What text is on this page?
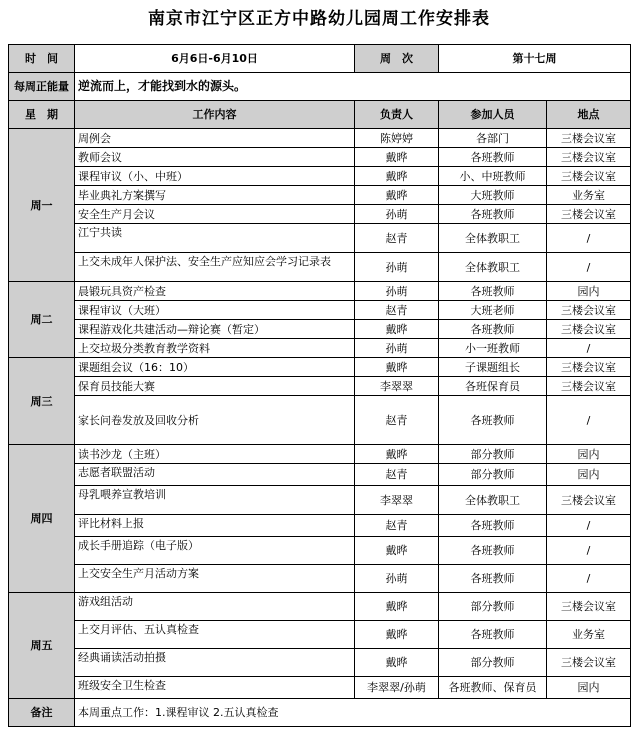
南京市江宁区正方中路幼儿园周工作安排表
时　间	6月6日-6月10日	周　次	第十七周	
每周正能量	逆流而上，才能找到水的源头。			
星　期	工作内容	负责人	参加人员	地点
周一	周例会	陈婷婷	各部门	三楼会议室
	教师会议	戴晔	各班教师	三楼会议室
	课程审议（小、中班）	戴晔	小、中班教师	三楼会议室
	毕业典礼方案撰写	戴晔	大班教师	业务室
	安全生产月会议	孙萌	各班教师	三楼会议室
	江宁共读	赵青	全体教职工	/
	上交未成年人保护法、安全生产应知应会学习记录表	孙萌	全体教职工	/
周二	晨锻玩具资产检查	孙萌	各班教师	园内
	课程审议（大班）	赵青	大班老师	三楼会议室
	课程游戏化共建活动—辩论赛（暂定）	戴晔	各班教师	三楼会议室
	上交垃圾分类教育教学资料	孙萌	小一班教师	/
周三	课题组会议（16：10）	戴晔	子课题组长	三楼会议室
	保育员技能大赛	李翠翠	各班保育员	三楼会议室
	家长问卷发放及回收分析	赵青	各班教师	/
周四	读书沙龙（主班）	戴晔	部分教师	园内
	志愿者联盟活动	赵青	部分教师	园内
	母乳喂养宣教培训	李翠翠	全体教职工	三楼会议室
	评比材料上报	赵青	各班教师	/
	成长手册追踪（电子版）	戴晔	各班教师	/
	上交安全生产月活动方案	孙萌	各班教师	/
周五	游戏组活动	戴晔	部分教师	三楼会议室
	上交月评估、五认真检查	戴晔	各班教师	业务室
	经典诵读活动拍摄	戴晔	部分教师	三楼会议室
	班级安全卫生检查	李翠翠/孙萌	各班教师、保育员	园内
备注	本周重点工作：1.课程审议 2.五认真检查			
